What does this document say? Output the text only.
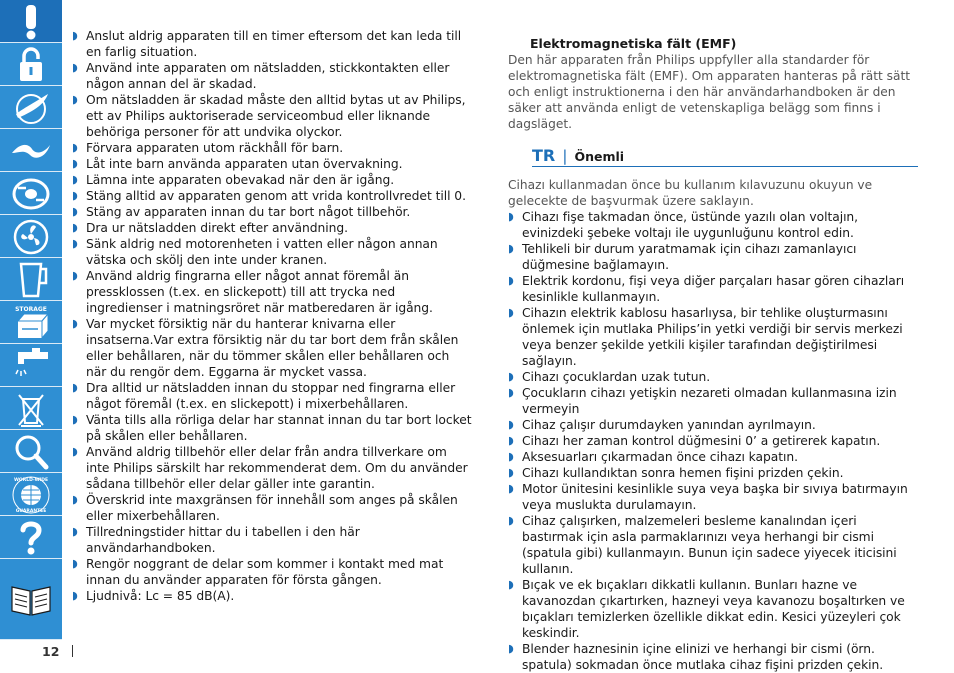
STORAGE
WORLD-WIDE
GUARANTEE
◗ Anslut aldrig apparaten till en timer eftersom det kan leda till en farlig situation.
◗ Använd inte apparaten om nätsladden, stickkontakten eller någon annan del är skadad.
◗ Om nätsladden är skadad måste den alltid bytas ut av Philips, ett av Philips auktoriserade serviceombud eller liknande behöriga personer för att undvika olyckor.
◗ Förvara apparaten utom räckhåll för barn.
◗ Låt inte barn använda apparaten utan övervakning.
◗ Lämna inte apparaten obevakad när den är igång.
◗ Stäng alltid av apparaten genom att vrida kontrollvredet till 0.
◗ Stäng av apparaten innan du tar bort något tillbehör.
◗ Dra ur nätsladden direkt efter användning.
◗ Sänk aldrig ned motorenheten i vatten eller någon annan vätska och skölj den inte under kranen.
◗ Använd aldrig fingrarna eller något annat föremål än pressklossen (t.ex. en slickepott) till att trycka ned ingredienser i matningsröret när matberedaren är igång.
◗ Var mycket försiktig när du hanterar knivarna eller insatserna.Var extra försiktig när du tar bort dem från skålen eller behållaren, när du tömmer skålen eller behållaren och när du rengör dem. Eggarna är mycket vassa.
◗ Dra alltid ur nätsladden innan du stoppar ned fingrarna eller något föremål (t.ex. en slickepott) i mixerbehållaren.
◗ Vänta tills alla rörliga delar har stannat innan du tar bort locket på skålen eller behållaren.
◗ Använd aldrig tillbehör eller delar från andra tillverkare om inte Philips särskilt har rekommenderat dem. Om du använder sådana tillbehör eller delar gäller inte garantin.
◗ Överskrid inte maxgränsen för innehåll som anges på skålen eller mixerbehållaren.
◗ Tillredningstider hittar du i tabellen i den här användarhandboken.
◗ Rengör noggrant de delar som kommer i kontakt med mat innan du använder apparaten för första gången.
◗ Ljudnivå: Lc = 85 dB(A).
Elektromagnetiska fält (EMF)
Den här apparaten från Philips uppfyller alla standarder för elektromagnetiska fält (EMF). Om apparaten hanteras på rätt sätt och enligt instruktionerna i den här användarhandboken är den säker att använda enligt de vetenskapliga belägg som finns i dagsläget.
TR | Önemli
Cihazı kullanmadan önce bu kullanım kılavuzunu okuyun ve gelecekte de başvurmak üzere saklayın.
◗ Cihazı fişe takmadan önce, üstünde yazılı olan voltajın, evinizdeki şebeke voltajı ile uygunluğunu kontrol edin.
◗ Tehlikeli bir durum yaratmamak için cihazı zamanlayıcı düğmesine bağlamayın.
◗ Elektrik kordonu, fişi veya diğer parçaları hasar gören cihazları kesinlikle kullanmayın.
◗ Cihazın elektrik kablosu hasarlıysa, bir tehlike oluşturmasını önlemek için mutlaka Philips’in yetki verdiği bir servis merkezi veya benzer şekilde yetkili kişiler tarafından değiştirilmesi sağlayın.
◗ Cihazı çocuklardan uzak tutun.
◗ Çocukların cihazı yetişkin nezareti olmadan kullanmasına izin vermeyin
◗ Cihaz çalışır durumdayken yanından ayrılmayın.
◗ Cihazı her zaman kontrol düğmesini 0’ a getirerek kapatın.
◗ Aksesuarları çıkarmadan önce cihazı kapatın.
◗ Cihazı kullandıktan sonra hemen fişini prizden çekin.
◗ Motor ünitesini kesinlikle suya veya başka bir sıvıya batırmayın veya muslukta durulamayın.
◗ Cihaz çalışırken, malzemeleri besleme kanalından içeri bastırmak için asla parmaklarınızı veya herhangi bir cismi (spatula gibi) kullanmayın. Bunun için sadece yiyecek iticisini kullanın.
◗ Bıçak ve ek bıçakları dikkatli kullanın. Bunları hazne ve kavanozdan çıkartırken, hazneyi veya kavanozu boşaltırken ve bıçakları temizlerken özellikle dikkat edin. Kesici yüzeyleri çok keskindir.
◗ Blender haznesinin içine elinizi ve herhangi bir cismi (örn. spatula) sokmadan önce mutlaka cihaz fişini prizden çekin.
12
